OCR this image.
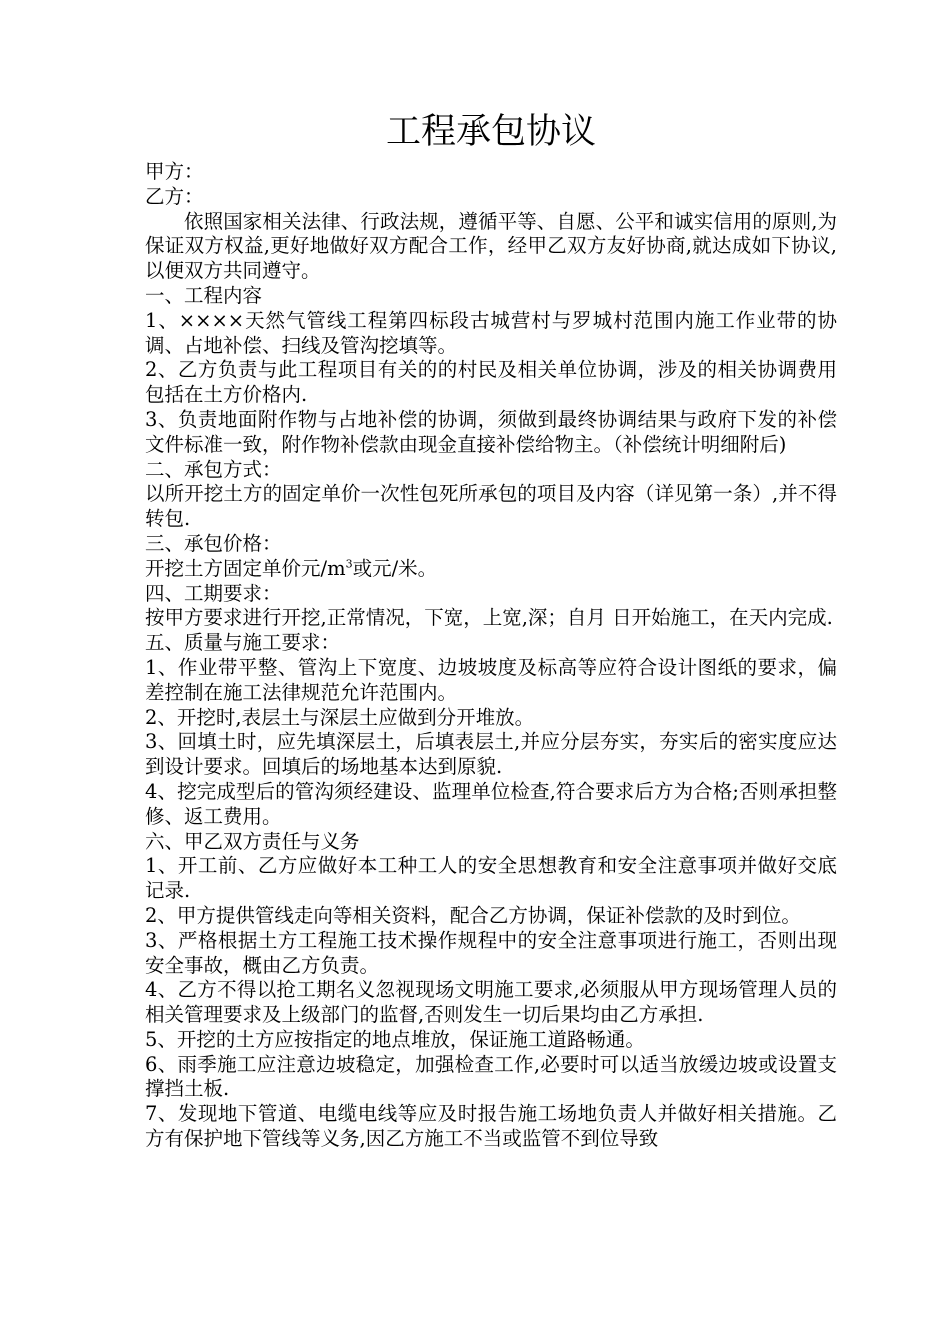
工程承包协议

甲方：

乙方：

依照国家相关法律、行政法规，遵循平等、自愿、公平和诚实信用的原则,为保证双方权益,更好地做好双方配合工作，经甲乙双方友好协商,就达成如下协议,以便双方共同遵守。

一、工程内容

1、××××天然气管线工程第四标段古城营村与罗城村范围内施工作业带的协调、占地补偿、扫线及管沟挖填等。

2、乙方负责与此工程项目有关的的村民及相关单位协调，涉及的相关协调费用包括在土方价格内.

3、负责地面附作物与占地补偿的协调，须做到最终协调结果与政府下发的补偿文件标准一致，附作物补偿款由现金直接补偿给物主。（补偿统计明细附后)

二、承包方式：

以所开挖土方的固定单价一次性包死所承包的项目及内容（详见第一条）,并不得转包.

三、承包价格：

开挖土方固定单价元$/m^3$或元/米。

四、工期要求：

按甲方要求进行开挖,正常情况，下宽，上宽,深；自月 日开始施工，在天内完成.

五、质量与施工要求：

1、作业带平整、管沟上下宽度、边坡坡度及标高等应符合设计图纸的要求，偏差控制在施工法律规范允许范围内。

2、开挖时,表层土与深层土应做到分开堆放。

3、回填土时，应先填深层土，后填表层土,并应分层夯实，夯实后的密实度应达到设计要求。回填后的场地基本达到原貌.

4、挖完成型后的管沟须经建设、监理单位检查,符合要求后方为合格;否则承担整修、返工费用。

六、甲乙双方责任与义务

1、开工前、乙方应做好本工种工人的安全思想教育和安全注意事项并做好交底记录.

2、甲方提供管线走向等相关资料，配合乙方协调，保证补偿款的及时到位。

3、严格根据土方工程施工技术操作规程中的安全注意事项进行施工，否则出现安全事故，概由乙方负责。

4、乙方不得以抢工期名义忽视现场文明施工要求,必须服从甲方现场管理人员的相关管理要求及上级部门的监督,否则发生一切后果均由乙方承担.

5、开挖的土方应按指定的地点堆放，保证施工道路畅通。

6、雨季施工应注意边坡稳定，加强检查工作,必要时可以适当放缓边坡或设置支撑挡土板.

7、发现地下管道、电缆电线等应及时报告施工场地负责人并做好相关措施。乙方有保护地下管线等义务,因乙方施工不当或监管不到位导致
